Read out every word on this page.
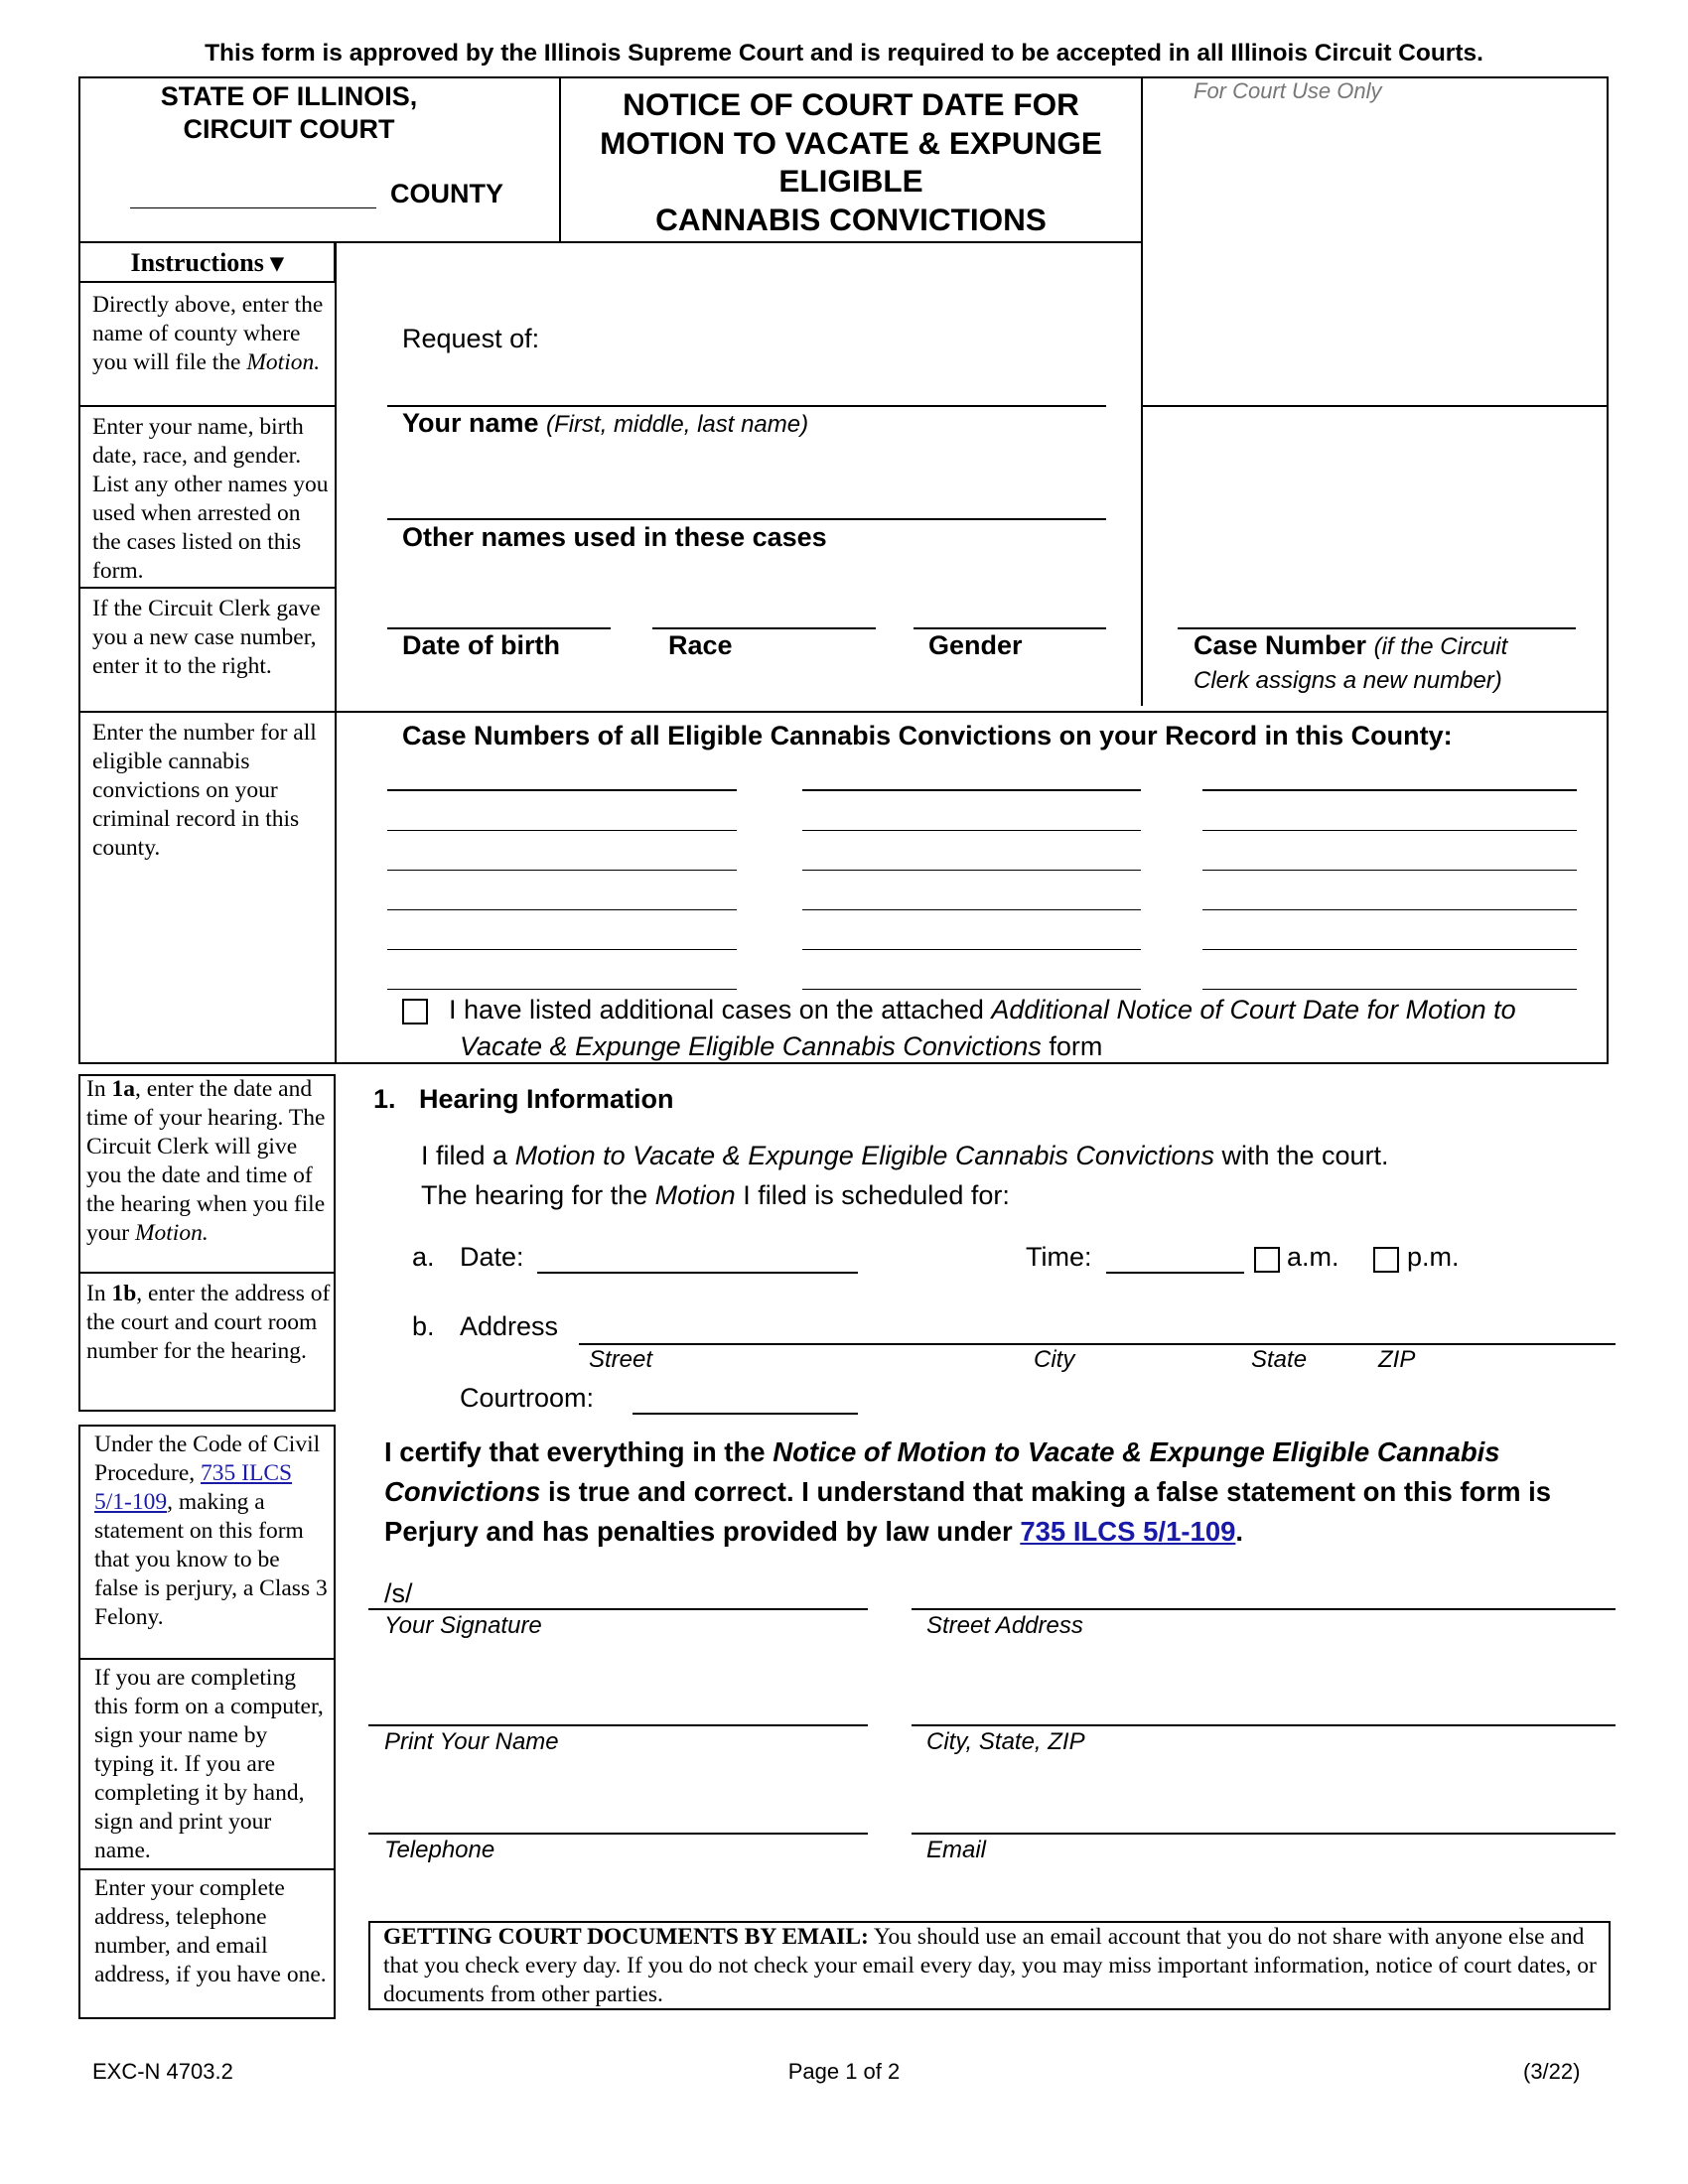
This form is approved by the Illinois Supreme Court and is required to be accepted in all Illinois Circuit Courts.
STATE OF ILLINOIS,
CIRCUIT COURT
COUNTY
NOTICE OF COURT DATE FOR
MOTION TO VACATE & EXPUNGE
ELIGIBLE
CANNABIS CONVICTIONS
For Court Use Only
Instructions ▾
Directly above, enter the name of county where you will file the Motion.
Enter your name, birth date, race, and gender. List any other names you used when arrested on the cases listed on this form.
If the Circuit Clerk gave you a new case number, enter it to the right.
Enter the number for all eligible cannabis convictions on your criminal record in this county.
Request of:
Your name (First, middle, last name)
Other names used in these cases
Date of birth	Race	Gender	Case Number (if the Circuit
Clerk assigns a new number)
Case Numbers of all Eligible Cannabis Convictions on your Record in this County:
I have listed additional cases on the attached Additional Notice of Court Date for Motion to
Vacate & Expunge Eligible Cannabis Convictions form
In 1a, enter the date and time of your hearing. The Circuit Clerk will give you the date and time of the hearing when you file your Motion.
In 1b, enter the address of the court and court room number for the hearing.
1. Hearing Information
I filed a Motion to Vacate & Expunge Eligible Cannabis Convictions with the court.
The hearing for the Motion I filed is scheduled for:
a. Date:	Time:	a.m.	p.m.
b. Address
Street	City	State	ZIP
Courtroom:
Under the Code of Civil Procedure, 735 ILCS 5/1-109, making a statement on this form that you know to be false is perjury, a Class 3 Felony.
If you are completing this form on a computer, sign your name by typing it. If you are completing it by hand, sign and print your name.
Enter your complete address, telephone number, and email address, if you have one.
I certify that everything in the Notice of Motion to Vacate & Expunge Eligible Cannabis
Convictions is true and correct. I understand that making a false statement on this form is
Perjury and has penalties provided by law under 735 ILCS 5/1-109.
/s/
Your Signature	Street Address
Print Your Name	City, State, ZIP
Telephone	Email
GETTING COURT DOCUMENTS BY EMAIL: You should use an email account that you do not share with anyone else and that you check every day. If you do not check your email every day, you may miss important information, notice of court dates, or documents from other parties.
EXC-N 4703.2	Page 1 of 2	(3/22)
